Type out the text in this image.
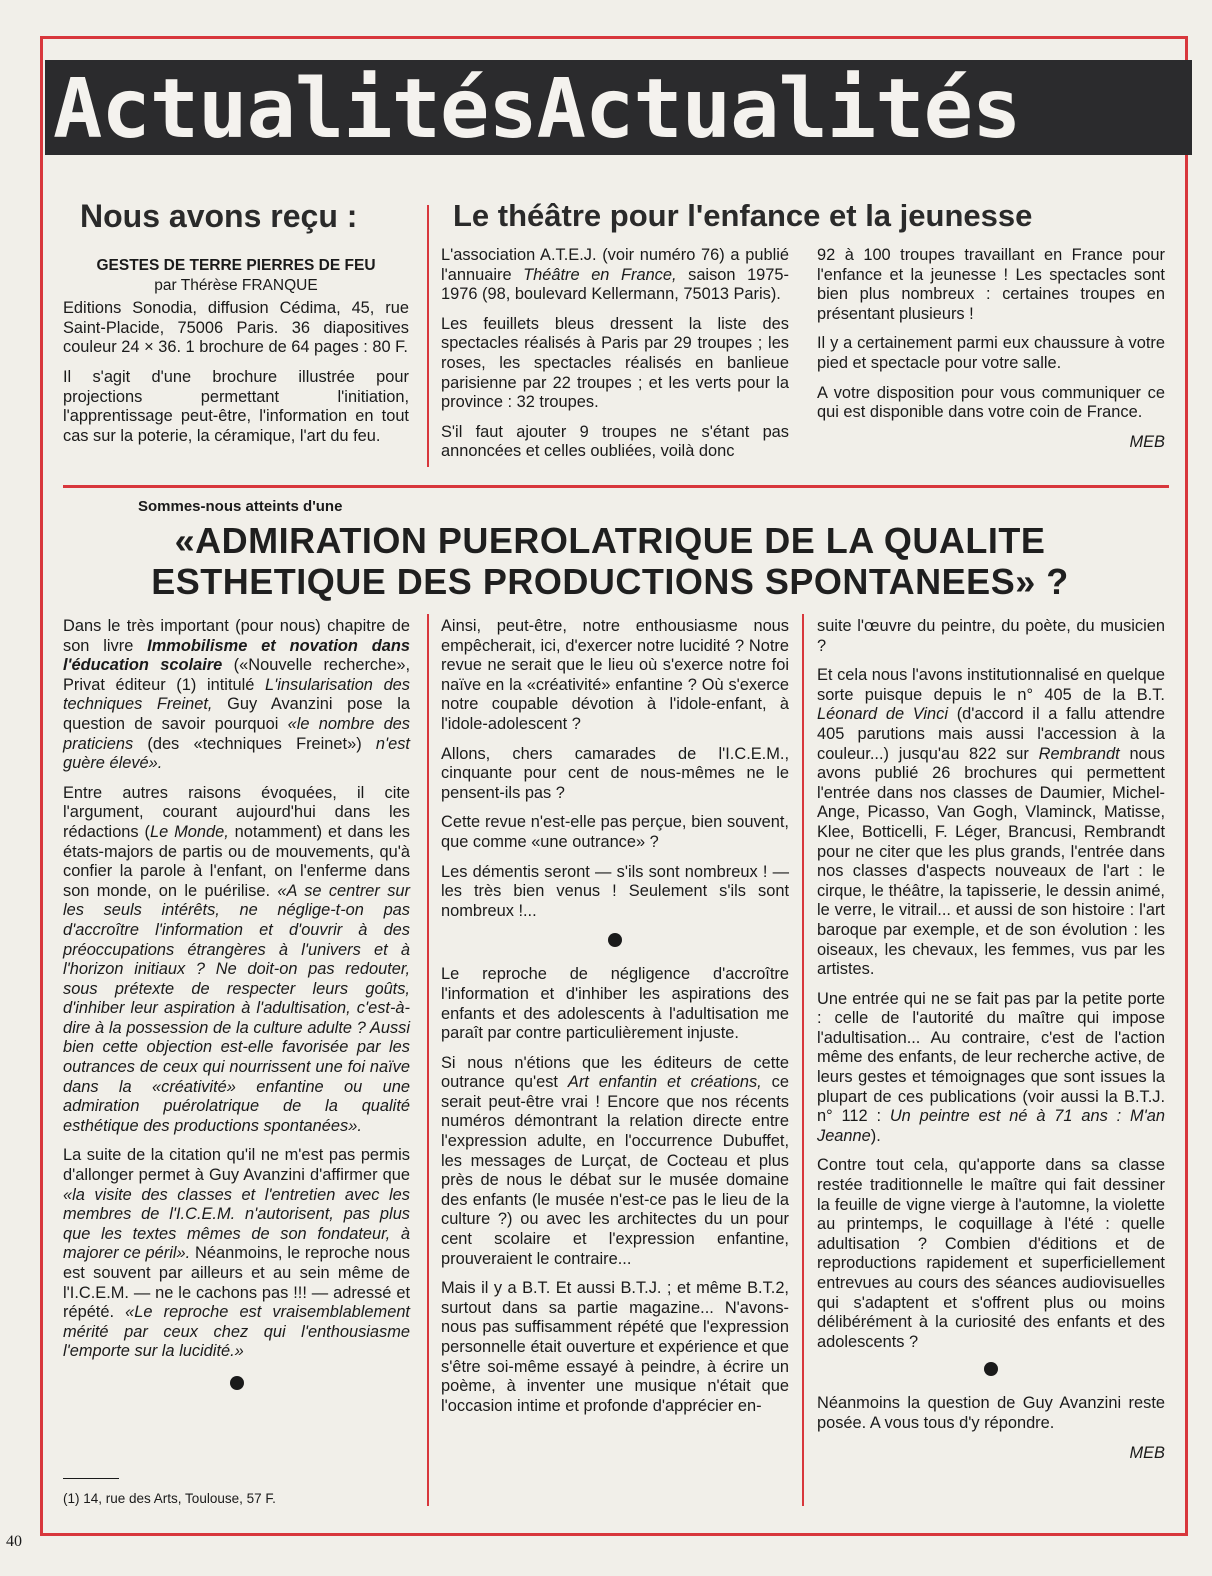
ActualitésActualités
Nous avons reçu :
GESTES DE TERRE PIERRES DE FEU
par Thérèse FRANQUE

Editions Sonodia, diffusion Cédima, 45, rue Saint-Placide, 75006 Paris. 36 diapositives couleur 24 × 36. 1 brochure de 64 pages : 80 F.

Il s'agit d'une brochure illustrée pour projections permettant l'initiation, l'apprentissage peut-être, l'information en tout cas sur la poterie, la céramique, l'art du feu.

Le théâtre pour l'enfance et la jeunesse

L'association A.T.E.J. (voir numéro 76) a publié l'annuaire Théâtre en France, saison 1975-1976 (98, boulevard Kellermann, 75013 Paris).

Les feuillets bleus dressent la liste des spectacles réalisés à Paris par 29 troupes ; les roses, les spectacles réalisés en banlieue parisienne par 22 troupes ; et les verts pour la province : 32 troupes.

S'il faut ajouter 9 troupes ne s'étant pas annoncées et celles oubliées, voilà donc

92 à 100 troupes travaillant en France pour l'enfance et la jeunesse ! Les spectacles sont bien plus nombreux : certaines troupes en présentant plusieurs !

Il y a certainement parmi eux chaussure à votre pied et spectacle pour votre salle.

A votre disposition pour vous communiquer ce qui est disponible dans votre coin de France.

MEB
Sommes-nous atteints d'une
«ADMIRATION PUEROLATRIQUE DE LA QUALITE
ESTHETIQUE DES PRODUCTIONS SPONTANEES» ?

Dans le très important (pour nous) chapitre de son livre Immobilisme et novation dans l'éducation scolaire («Nouvelle recherche», Privat éditeur (1) intitulé L'insularisation des techniques Freinet, Guy Avanzini pose la question de savoir pourquoi «le nombre des praticiens (des «techniques Freinet») n'est guère élevé».

Entre autres raisons évoquées, il cite l'argument, courant aujourd'hui dans les rédactions (Le Monde, notamment) et dans les états-majors de partis ou de mouvements, qu'à confier la parole à l'enfant, on l'enferme dans son monde, on le puérilise. «A se centrer sur les seuls intérêts, ne néglige-t-on pas d'accroître l'information et d'ouvrir à des préoccupations étrangères à l'univers et à l'horizon initiaux ? Ne doit-on pas redouter, sous prétexte de respecter leurs goûts, d'inhiber leur aspiration à l'adultisation, c'est-à-dire à la possession de la culture adulte ? Aussi bien cette objection est-elle favorisée par les outrances de ceux qui nourrissent une foi naïve dans la «créativité» enfantine ou une admiration puérolatrique de la qualité esthétique des productions spontanées».

La suite de la citation qu'il ne m'est pas permis d'allonger permet à Guy Avanzini d'affirmer que «la visite des classes et l'entretien avec les membres de l'I.C.E.M. n'autorisent, pas plus que les textes mêmes de son fondateur, à majorer ce péril». Néanmoins, le reproche nous est souvent par ailleurs et au sein même de l'I.C.E.M. — ne le cachons pas !!! — adressé et répété. «Le reproche est vraisemblablement mérité par ceux chez qui l'enthousiasme l'emporte sur la lucidité.»

Ainsi, peut-être, notre enthousiasme nous empêcherait, ici, d'exercer notre lucidité ? Notre revue ne serait que le lieu où s'exerce notre foi naïve en la «créativité» enfantine ? Où s'exerce notre coupable dévotion à l'idole-enfant, à l'idole-adolescent ?

Allons, chers camarades de l'I.C.E.M., cinquante pour cent de nous-mêmes ne le pensent-ils pas ?

Cette revue n'est-elle pas perçue, bien souvent, que comme «une outrance» ?

Les démentis seront — s'ils sont nombreux ! — les très bien venus ! Seulement s'ils sont nombreux !...

Le reproche de négligence d'accroître l'information et d'inhiber les aspirations des enfants et des adolescents à l'adultisation me paraît par contre particulièrement injuste.

Si nous n'étions que les éditeurs de cette outrance qu'est Art enfantin et créations, ce serait peut-être vrai ! Encore que nos récents numéros démontrant la relation directe entre l'expression adulte, en l'occurrence Dubuffet, les messages de Lurçat, de Cocteau et plus près de nous le débat sur le musée domaine des enfants (le musée n'est-ce pas le lieu de la culture ?) ou avec les architectes du un pour cent scolaire et l'expression enfantine, prouveraient le contraire...

Mais il y a B.T. Et aussi B.T.J. ; et même B.T.2, surtout dans sa partie magazine... N'avons-nous pas suffisamment répété que l'expression personnelle était ouverture et expérience et que s'être soi-même essayé à peindre, à écrire un poème, à inventer une musique n'était que l'occasion intime et profonde d'apprécier en-

suite l'œuvre du peintre, du poète, du musicien ?

Et cela nous l'avons institutionnalisé en quelque sorte puisque depuis le n° 405 de la B.T. Léonard de Vinci (d'accord il a fallu attendre 405 parutions mais aussi l'accession à la couleur...) jusqu'au 822 sur Rembrandt nous avons publié 26 brochures qui permettent l'entrée dans nos classes de Daumier, Michel-Ange, Picasso, Van Gogh, Vlaminck, Matisse, Klee, Botticelli, F. Léger, Brancusi, Rembrandt pour ne citer que les plus grands, l'entrée dans nos classes d'aspects nouveaux de l'art : le cirque, le théâtre, la tapisserie, le dessin animé, le verre, le vitrail... et aussi de son histoire : l'art baroque par exemple, et de son évolution : les oiseaux, les chevaux, les femmes, vus par les artistes.

Une entrée qui ne se fait pas par la petite porte : celle de l'autorité du maître qui impose l'adultisation... Au contraire, c'est de l'action même des enfants, de leur recherche active, de leurs gestes et témoignages que sont issues la plupart de ces publications (voir aussi la B.T.J. n° 112 : Un peintre est né à 71 ans : M'an Jeanne).

Contre tout cela, qu'apporte dans sa classe restée traditionnelle le maître qui fait dessiner la feuille de vigne vierge à l'automne, la violette au printemps, le coquillage à l'été : quelle adultisation ? Combien d'éditions et de reproductions rapidement et superficiellement entrevues au cours des séances audiovisuelles qui s'adaptent et s'offrent plus ou moins délibérément à la curiosité des enfants et des adolescents ?

Néanmoins la question de Guy Avanzini reste posée. A vous tous d'y répondre.

MEB
(1) 14, rue des Arts, Toulouse, 57 F.
40
